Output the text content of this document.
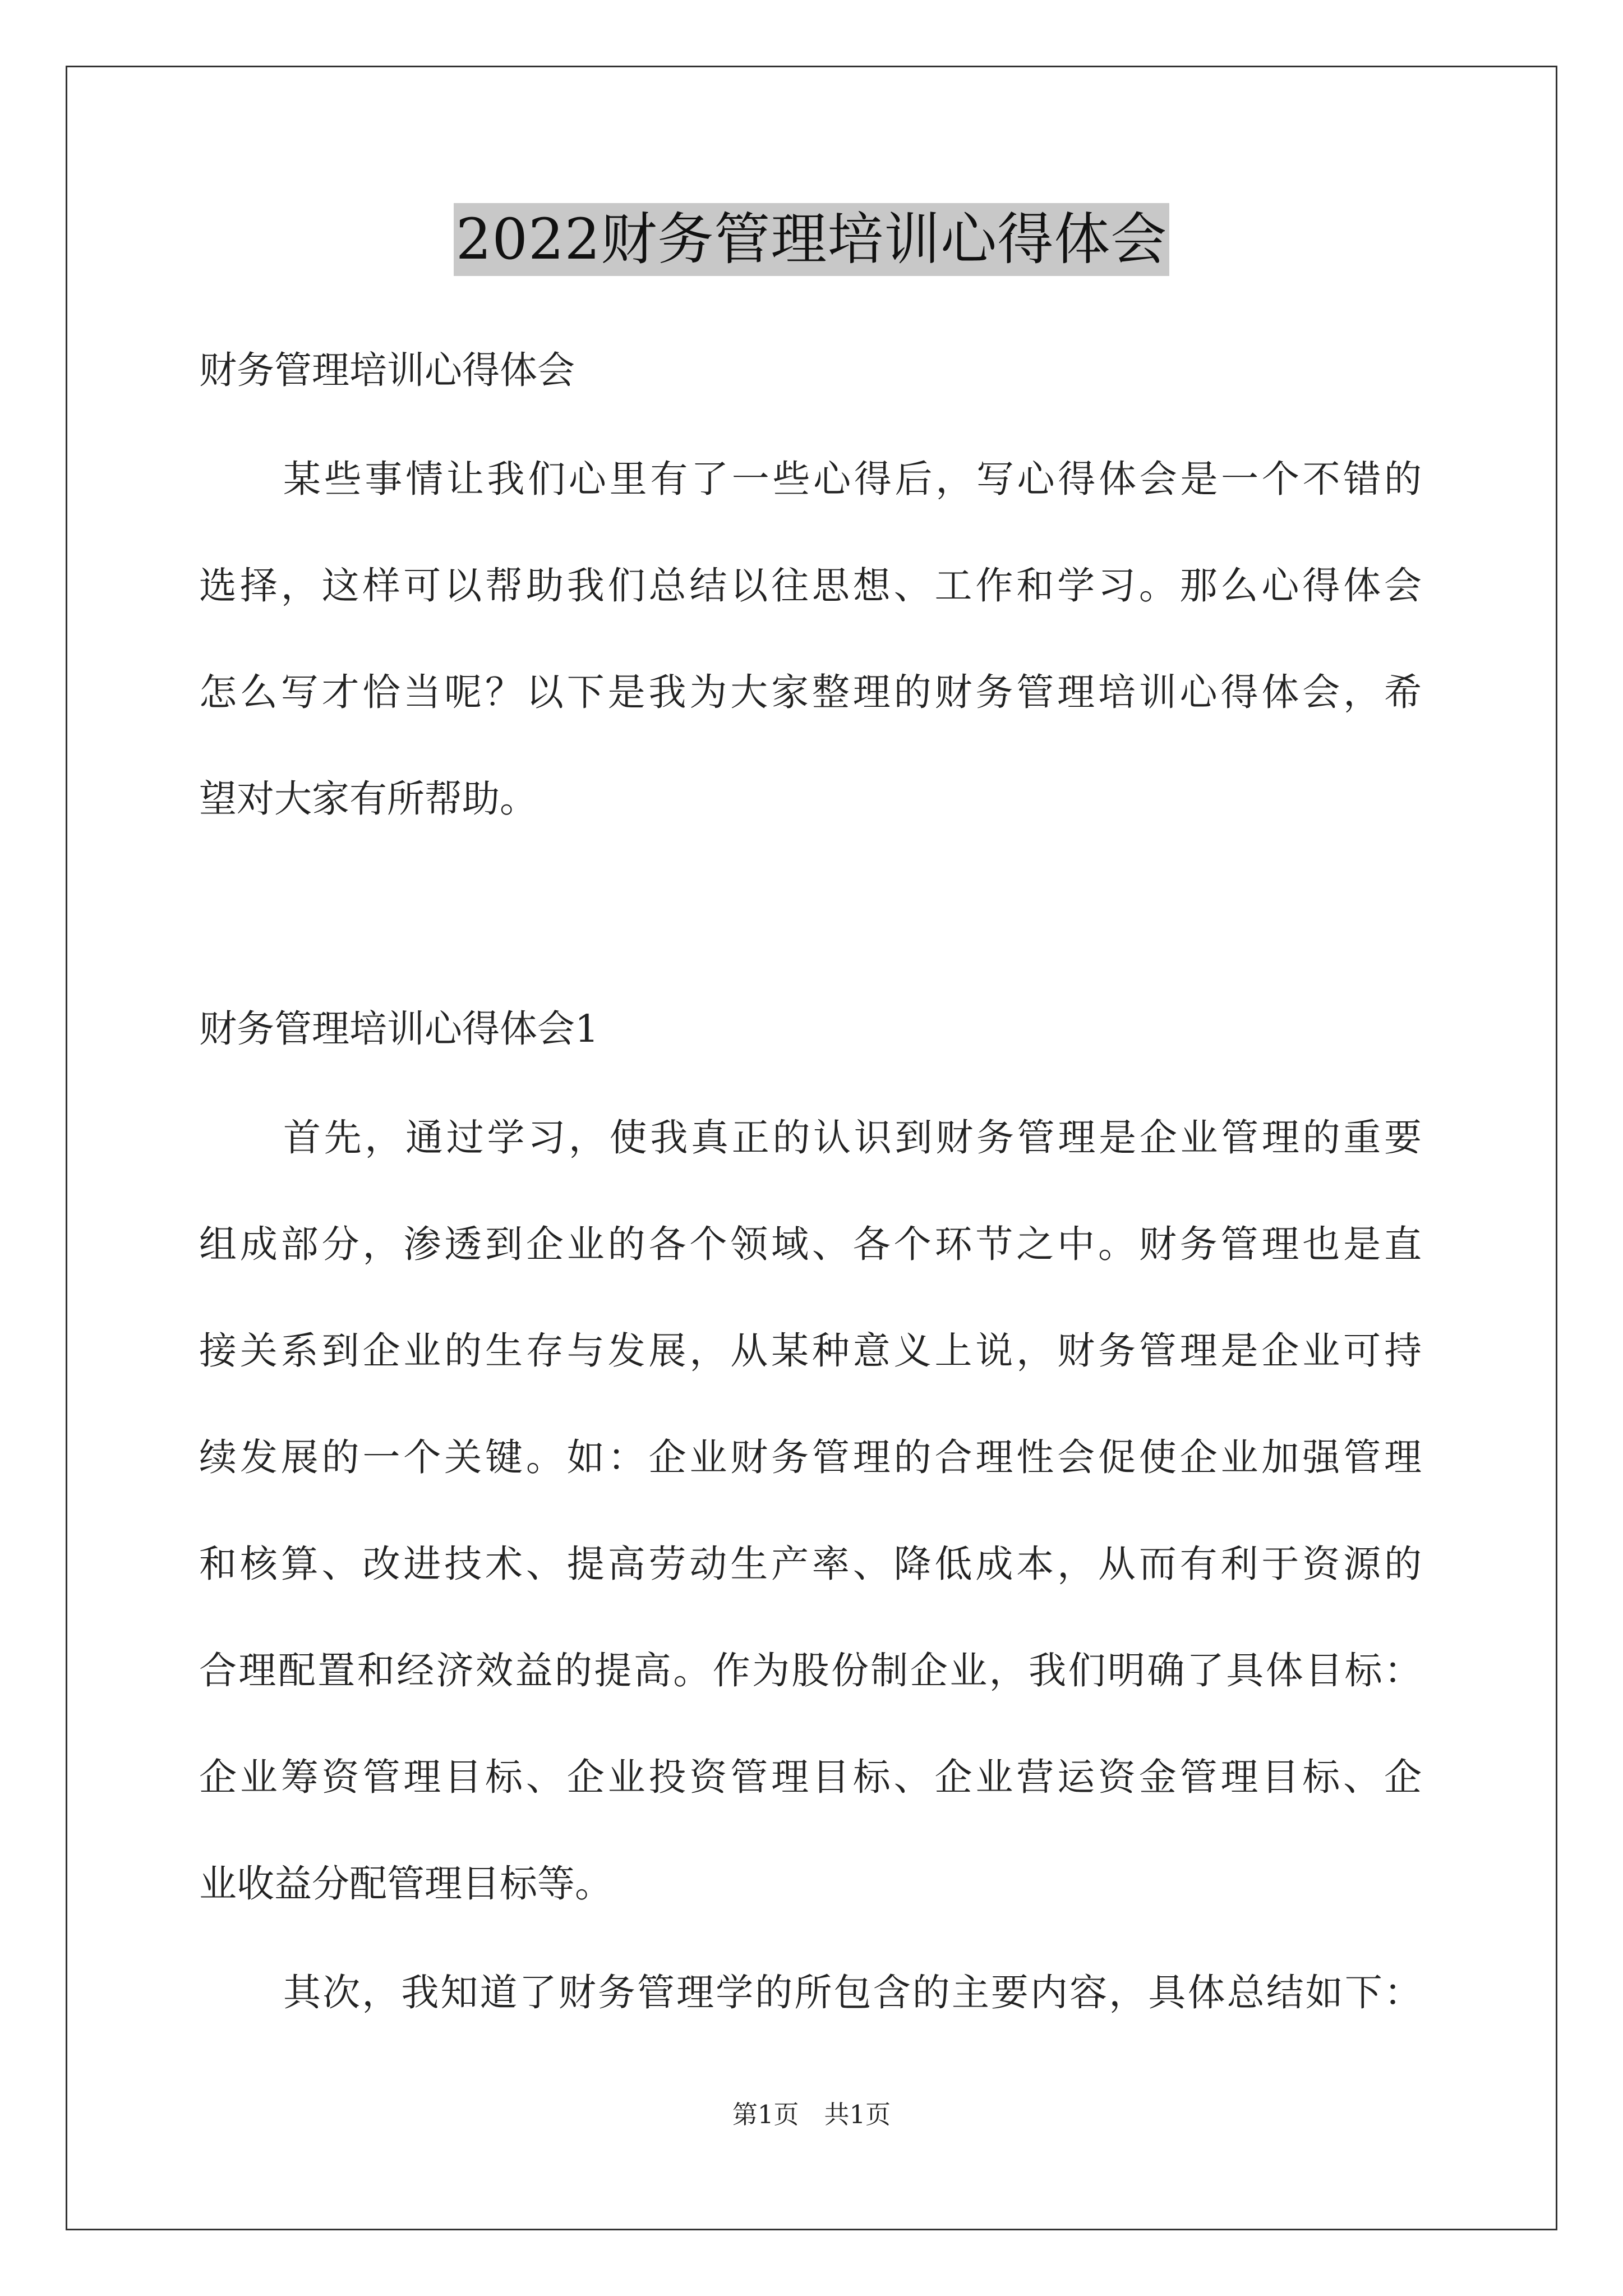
2022财务管理培训心得体会
财务管理培训心得体会
某些事情让我们心里有了一些心得后，写心得体会是一个不错的
选择，这样可以帮助我们总结以往思想、工作和学习。那么心得体会
怎么写才恰当呢？以下是我为大家整理的财务管理培训心得体会，希
望对大家有所帮助。
财务管理培训心得体会1
首先，通过学习，使我真正的认识到财务管理是企业管理的重要
组成部分，渗透到企业的各个领域、各个环节之中。财务管理也是直
接关系到企业的生存与发展，从某种意义上说，财务管理是企业可持
续发展的一个关键。如：企业财务管理的合理性会促使企业加强管理
和核算、改进技术、提高劳动生产率、降低成本，从而有利于资源的
合理配置和经济效益的提高。作为股份制企业，我们明确了具体目标：
企业筹资管理目标、企业投资管理目标、企业营运资金管理目标、企
业收益分配管理目标等。
其次，我知道了财务管理学的所包含的主要内容，具体总结如下：
第1页　共1页
